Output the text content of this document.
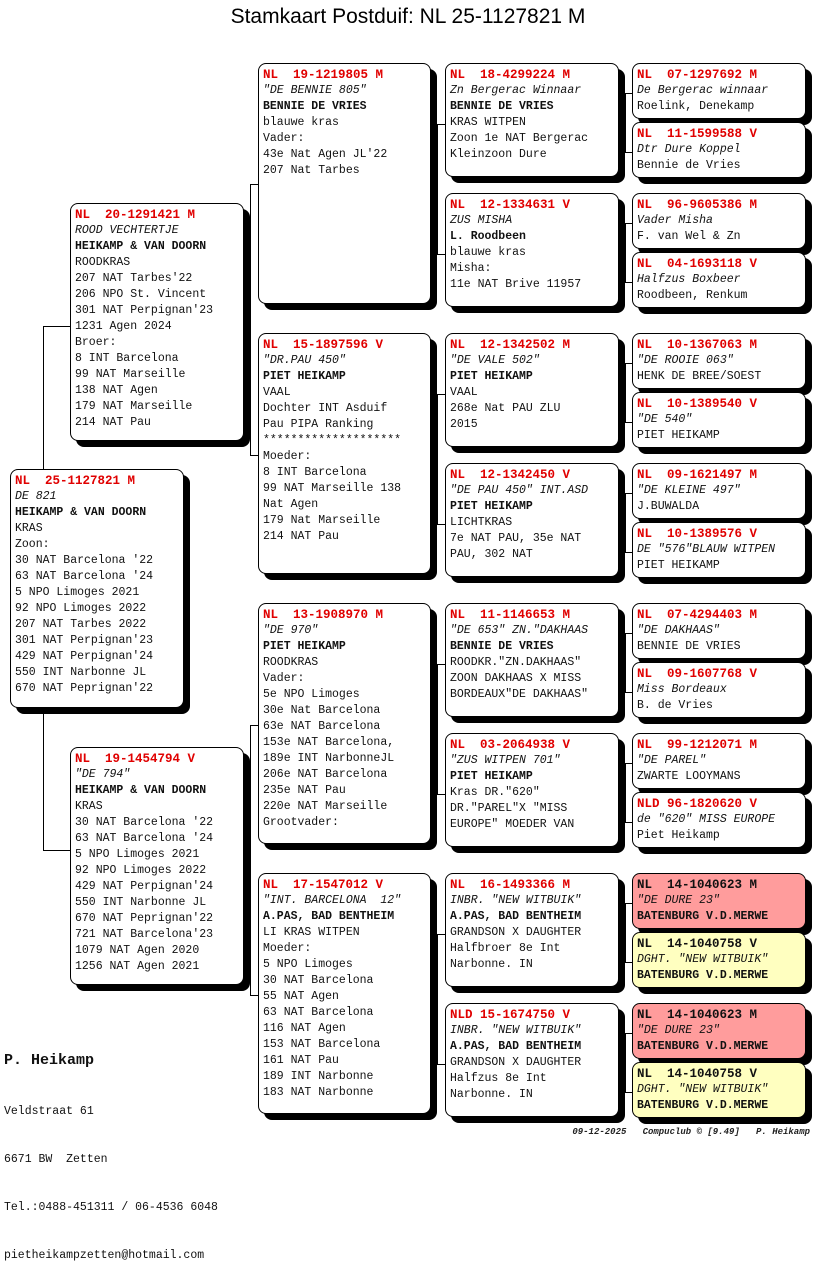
Stamkaart Postduif: NL 25-1127821 M
NL  25-1127821 M
DE 821
HEIKAMP & VAN DOORN
KRAS
Zoon:
30 NAT Barcelona '22
63 NAT Barcelona '24
5 NPO Limoges 2021
92 NPO Limoges 2022
207 NAT Tarbes 2022
301 NAT Perpignan'23
429 NAT Perpignan'24
550 INT Narbonne JL
670 NAT Peprignan'22
NL  20-1291421 M
ROOD VECHTERTJE
HEIKAMP & VAN DOORN
ROODKRAS
207 NAT Tarbes'22
206 NPO St. Vincent
301 NAT Perpignan'23
1231 Agen 2024
Broer:
8 INT Barcelona
99 NAT Marseille
138 NAT Agen
179 NAT Marseille
214 NAT Pau
NL  19-1454794 V
"DE 794"
HEIKAMP & VAN DOORN
KRAS
30 NAT Barcelona '22
63 NAT Barcelona '24
5 NPO Limoges 2021
92 NPO Limoges 2022
429 NAT Perpignan'24
550 INT Narbonne JL
670 NAT Peprignan'22
721 NAT Barcelona'23
1079 NAT Agen 2020
1256 NAT Agen 2021
NL  19-1219805 M
"DE BENNIE 805"
BENNIE DE VRIES
blauwe kras
Vader:
43e Nat Agen JL'22
207 Nat Tarbes
NL  15-1897596 V
"DR.PAU 450"
PIET HEIKAMP
VAAL
Dochter INT Asduif
Pau PIPA Ranking
********************
Moeder:
8 INT Barcelona
99 NAT Marseille 138
Nat Agen
179 Nat Marseille
214 NAT Pau
NL  13-1908970 M
"DE 970"
PIET HEIKAMP
ROODKRAS
Vader:
5e NPO Limoges
30e Nat Barcelona
63e NAT Barcelona
153e NAT Barcelona,
189e INT NarbonneJL
206e NAT Barcelona
235e NAT Pau
220e NAT Marseille
Grootvader:
NL  17-1547012 V
"INT. BARCELONA  12"
A.PAS, BAD BENTHEIM
LI KRAS WITPEN
Moeder:
5 NPO Limoges
30 NAT Barcelona
55 NAT Agen
63 NAT Barcelona
116 NAT Agen
153 NAT Barcelona
161 NAT Pau
189 INT Narbonne
183 NAT Narbonne
NL  18-4299224 M
Zn Bergerac Winnaar
BENNIE DE VRIES
KRAS WITPEN
Zoon 1e NAT Bergerac
Kleinzoon Dure
NL  12-1334631 V
ZUS MISHA
L. Roodbeen
blauwe kras
Misha:
11e NAT Brive 11957
NL  12-1342502 M
"DE VALE 502"
PIET HEIKAMP
VAAL
268e Nat PAU ZLU
2015
NL  12-1342450 V
"DE PAU 450" INT.ASD
PIET HEIKAMP
LICHTKRAS
7e NAT PAU, 35e NAT
PAU, 302 NAT
NL  11-1146653 M
"DE 653" ZN."DAKHAAS
BENNIE DE VRIES
ROODKR."ZN.DAKHAAS"
ZOON DAKHAAS X MISS
BORDEAUX"DE DAKHAAS"
NL  03-2064938 V
"ZUS WITPEN 701"
PIET HEIKAMP
Kras DR."620"
DR."PAREL"X "MISS
EUROPE" MOEDER VAN
NL  16-1493366 M
INBR. "NEW WITBUIK"
A.PAS, BAD BENTHEIM
GRANDSON X DAUGHTER
Halfbroer 8e Int
Narbonne. IN
NLD 15-1674750 V
INBR. "NEW WITBUIK"
A.PAS, BAD BENTHEIM
GRANDSON X DAUGHTER
Halfzus 8e Int
Narbonne. IN
NL  07-1297692 M
De Bergerac winnaar
Roelink, Denekamp
NL  11-1599588 V
Dtr Dure Koppel
Bennie de Vries
NL  96-9605386 M
Vader Misha
F. van Wel & Zn
NL  04-1693118 V
Halfzus Boxbeer
Roodbeen, Renkum
NL  10-1367063 M
"DE ROOIE 063"
HENK DE BREE/SOEST
NL  10-1389540 V
"DE 540"
PIET HEIKAMP
NL  09-1621497 M
"DE KLEINE 497"
J.BUWALDA
NL  10-1389576 V
DE "576"BLAUW WITPEN
PIET HEIKAMP
NL  07-4294403 M
"DE DAKHAAS"
BENNIE DE VRIES
NL  09-1607768 V
Miss Bordeaux
B. de Vries
NL  99-1212071 M
"DE PAREL"
ZWARTE LOOYMANS
NLD 96-1820620 V
de "620" MISS EUROPE
Piet Heikamp
NL  14-1040623 M
"DE DURE 23"
BATENBURG V.D.MERWE
NL  14-1040758 V
DGHT. "NEW WITBUIK"
BATENBURG V.D.MERWE
NL  14-1040623 M
"DE DURE 23"
BATENBURG V.D.MERWE
NL  14-1040758 V
DGHT. "NEW WITBUIK"
BATENBURG V.D.MERWE

P. Heikamp

Veldstraat 61

6671 BW  Zetten

Tel.:0488-451311 / 06-4536 6048

pietheikampzetten@hotmail.com

09-12-2025   Compuclub © [9.49]   P. Heikamp
